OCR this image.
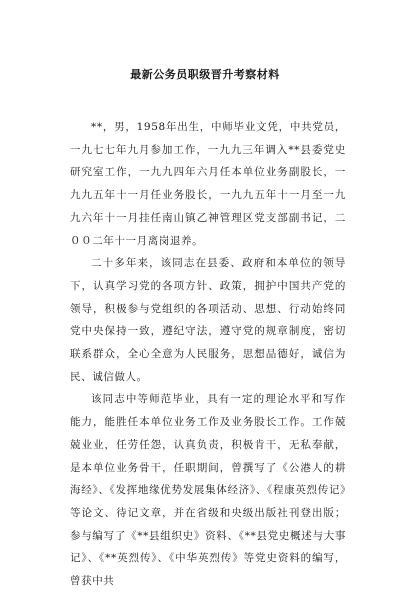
最新公务员职级晋升考察材料

**，男，1958年出生，中师毕业文凭，中共党员，一九七七年九月参加工作，一九九三年调入**县委党史研究室工作，一九九四年六月任本单位业务副股长，一九九五年十一月任业务股长，一九九五年十一月至一九九六年十一月挂任南山镇乙神管理区党支部副书记，二００二年十一月离岗退养。

二十多年来，该同志在县委、政府和本单位的领导下，认真学习党的各项方针、政策，拥护中国共产党的领导，积极参与党组织的各项活动、思想、行动始终同党中央保持一致，遵纪守法，遵守党的规章制度，密切联系群众，全心全意为人民服务，思想品德好，诚信为民、诚信做人。

该同志中等师范毕业，具有一定的理论水平和写作能力，能胜任本单位业务工作及业务股长工作。工作兢兢业业，任劳任怨，认真负责，积极肯干，无私奉献，是本单位业务骨干，任职期间，曾撰写了《公港人的耕海经》、《发挥地缘优势发展集体经济》、《程康英烈传记》等论文、待记文章，并在省级和央级出版社刊登出版；参与编写了《**县组织史》资料、《**县党史概述与大事记》、《**英烈传》、《中华英烈传》等党史资料的编写，曾获中共
